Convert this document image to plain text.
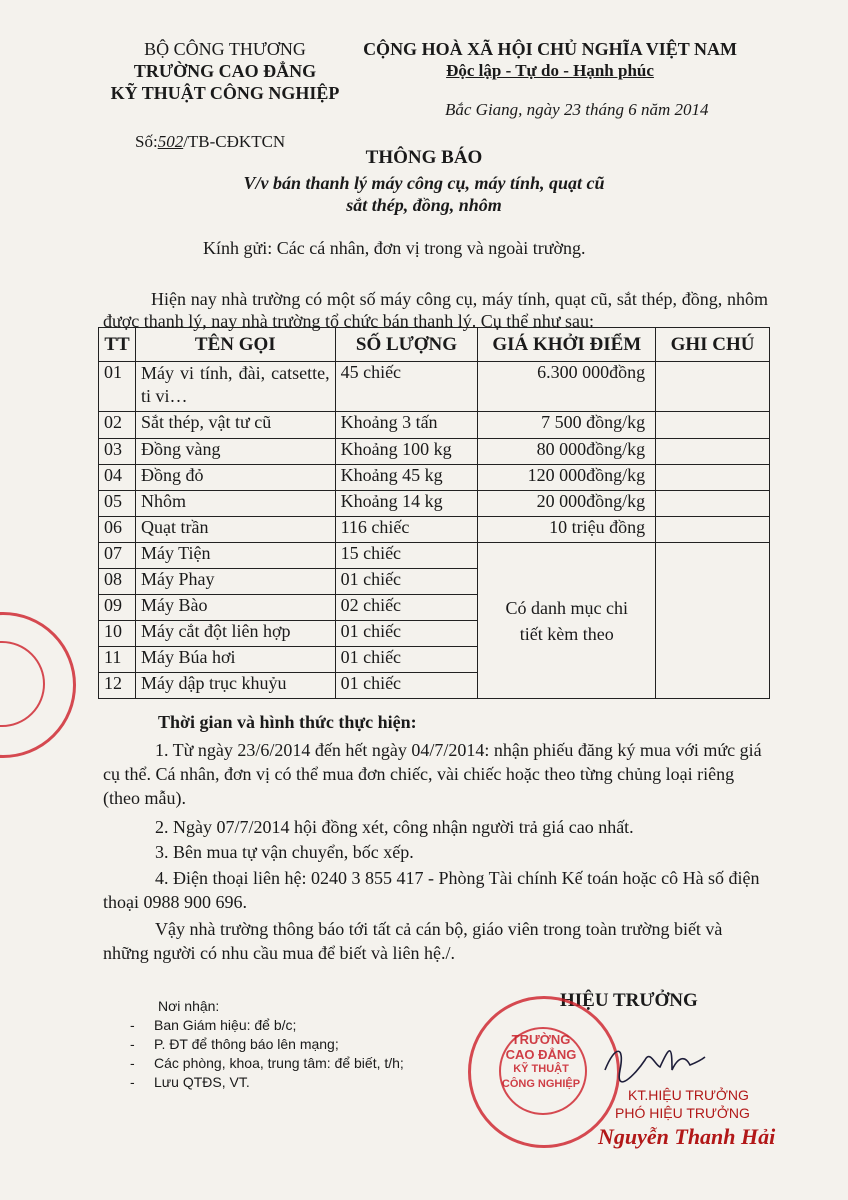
BỘ CÔNG THƯƠNG
TRƯỜNG CAO ĐẲNG
KỸ THUẬT CÔNG NGHIỆP
CỘNG HOÀ XÃ HỘI CHỦ NGHĨA VIỆT NAM
Độc lập - Tự do - Hạnh phúc
Bắc Giang, ngày 23 tháng 6 năm 2014
Số:502/TB-CĐKTCN
THÔNG BÁO
V/v bán thanh lý máy công cụ, máy tính, quạt cũ
sắt thép, đồng, nhôm
Kính gửi: Các cá nhân, đơn vị trong và ngoài trường.
Hiện nay nhà trường có một số máy công cụ, máy tính, quạt cũ, sắt thép, đồng, nhôm được thanh lý, nay nhà trường tổ chức bán thanh lý. Cụ thể như sau:
TT	TÊN GỌI	SỐ LƯỢNG	GIÁ KHỞI ĐIỂM	GHI CHÚ
01	Máy vi tính, đài, catsette, ti vi…	45 chiếc	6.300 000đồng	
02	Sắt thép, vật tư cũ	Khoảng 3 tấn	7 500 đồng/kg	
03	Đồng vàng	Khoảng 100 kg	80 000đồng/kg	
04	Đồng đỏ	Khoảng 45 kg	120 000đồng/kg	
05	Nhôm	Khoảng 14 kg	20 000đồng/kg	
06	Quạt trần	116 chiếc	10 triệu đồng	
07	Máy Tiện	15 chiếc	Có danh mục chi tiết kèm theo	
08	Máy Phay	01 chiếc		
09	Máy Bào	02 chiếc		
10	Máy cắt đột liên hợp	01 chiếc		
11	Máy Búa hơi	01 chiếc		
12	Máy dập trục khuỷu	01 chiếc		
Thời gian và hình thức thực hiện:
1. Từ ngày 23/6/2014 đến hết ngày 04/7/2014: nhận phiếu đăng ký mua với mức giá cụ thể. Cá nhân, đơn vị có thể mua đơn chiếc, vài chiếc hoặc theo từng chủng loại riêng (theo mẫu).
2. Ngày 07/7/2014 hội đồng xét, công nhận người trả giá cao nhất.
3. Bên mua tự vận chuyển, bốc xếp.
4. Điện thoại liên hệ: 0240 3 855 417 - Phòng Tài chính Kế toán hoặc cô Hà số điện thoại 0988 900 696.
Vậy nhà trường thông báo tới tất cả cán bộ, giáo viên trong toàn trường biết và những người có nhu cầu mua để biết và liên hệ./.
Nơi nhận:
- Ban Giám hiệu: để b/c;
- P. ĐT để thông báo lên mạng;
- Các phòng, khoa, trung tâm: để biết, t/h;
- Lưu QTĐS, VT.
HIỆU TRƯỞNG
TRƯỜNG
CAO ĐẲNG
KỸ THUẬT
CÔNG NGHIỆP
KT.HIỆU TRƯỞNG
PHÓ HIỆU TRƯỞNG
Nguyễn Thanh Hải
